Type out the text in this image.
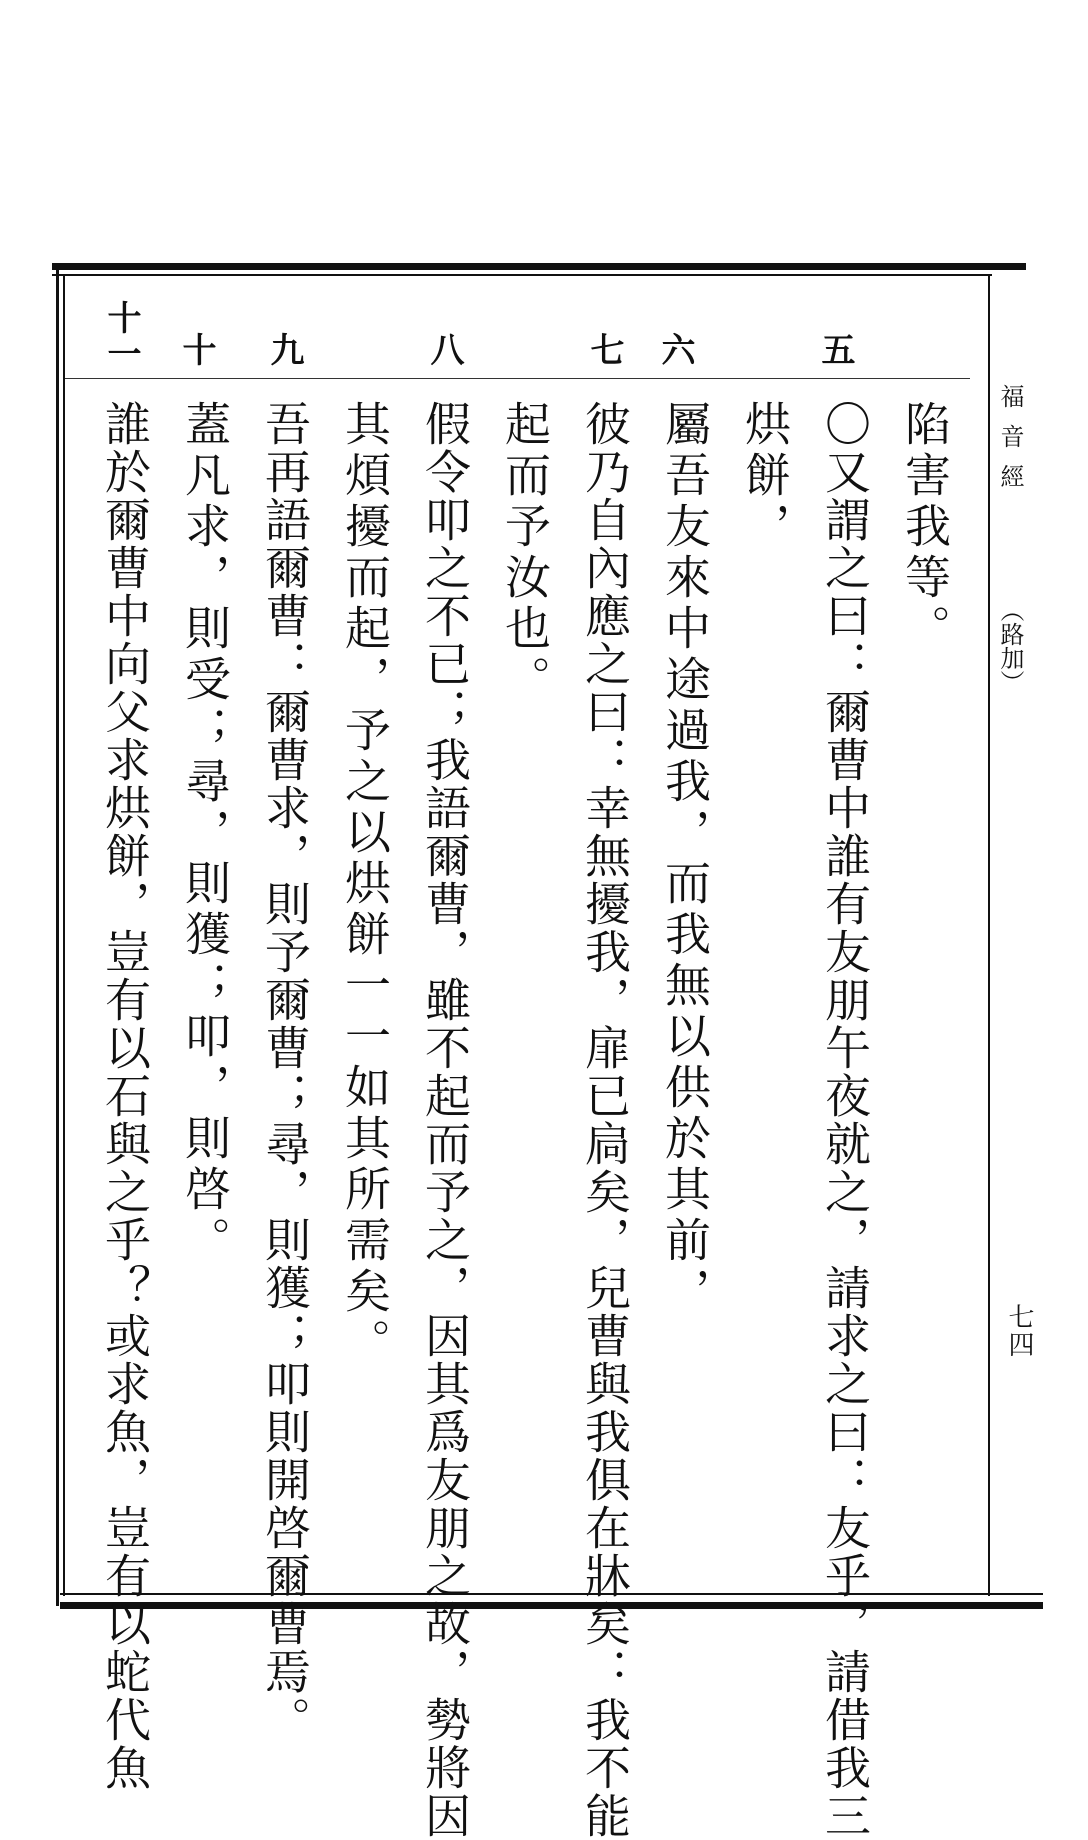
福音經
（路加）
七四
五
六
七
八
九
十
十一
陷害我等。
〇又謂之曰：爾曹中誰有友朋午夜就之，請求之曰：友乎，請借我三
烘餅，
屬吾友來中途過我，而我無以供於其前，
彼乃自內應之曰：幸無擾我，扉已扃矣，兒曹與我俱在牀矣：我不能
起而予汝也。
假令叩之不已；我語爾曹，雖不起而予之，因其爲友朋之故，勢將因
其煩擾而起，予之以烘餅一一如其所需矣。
吾再語爾曹：爾曹求，則予爾曹；尋，則獲；叩則開啓爾曹焉。
蓋凡求，則受；尋，則獲；叩，則啓。
誰於爾曹中向父求烘餅，豈有以石與之乎？或求魚，豈有以蛇代魚
